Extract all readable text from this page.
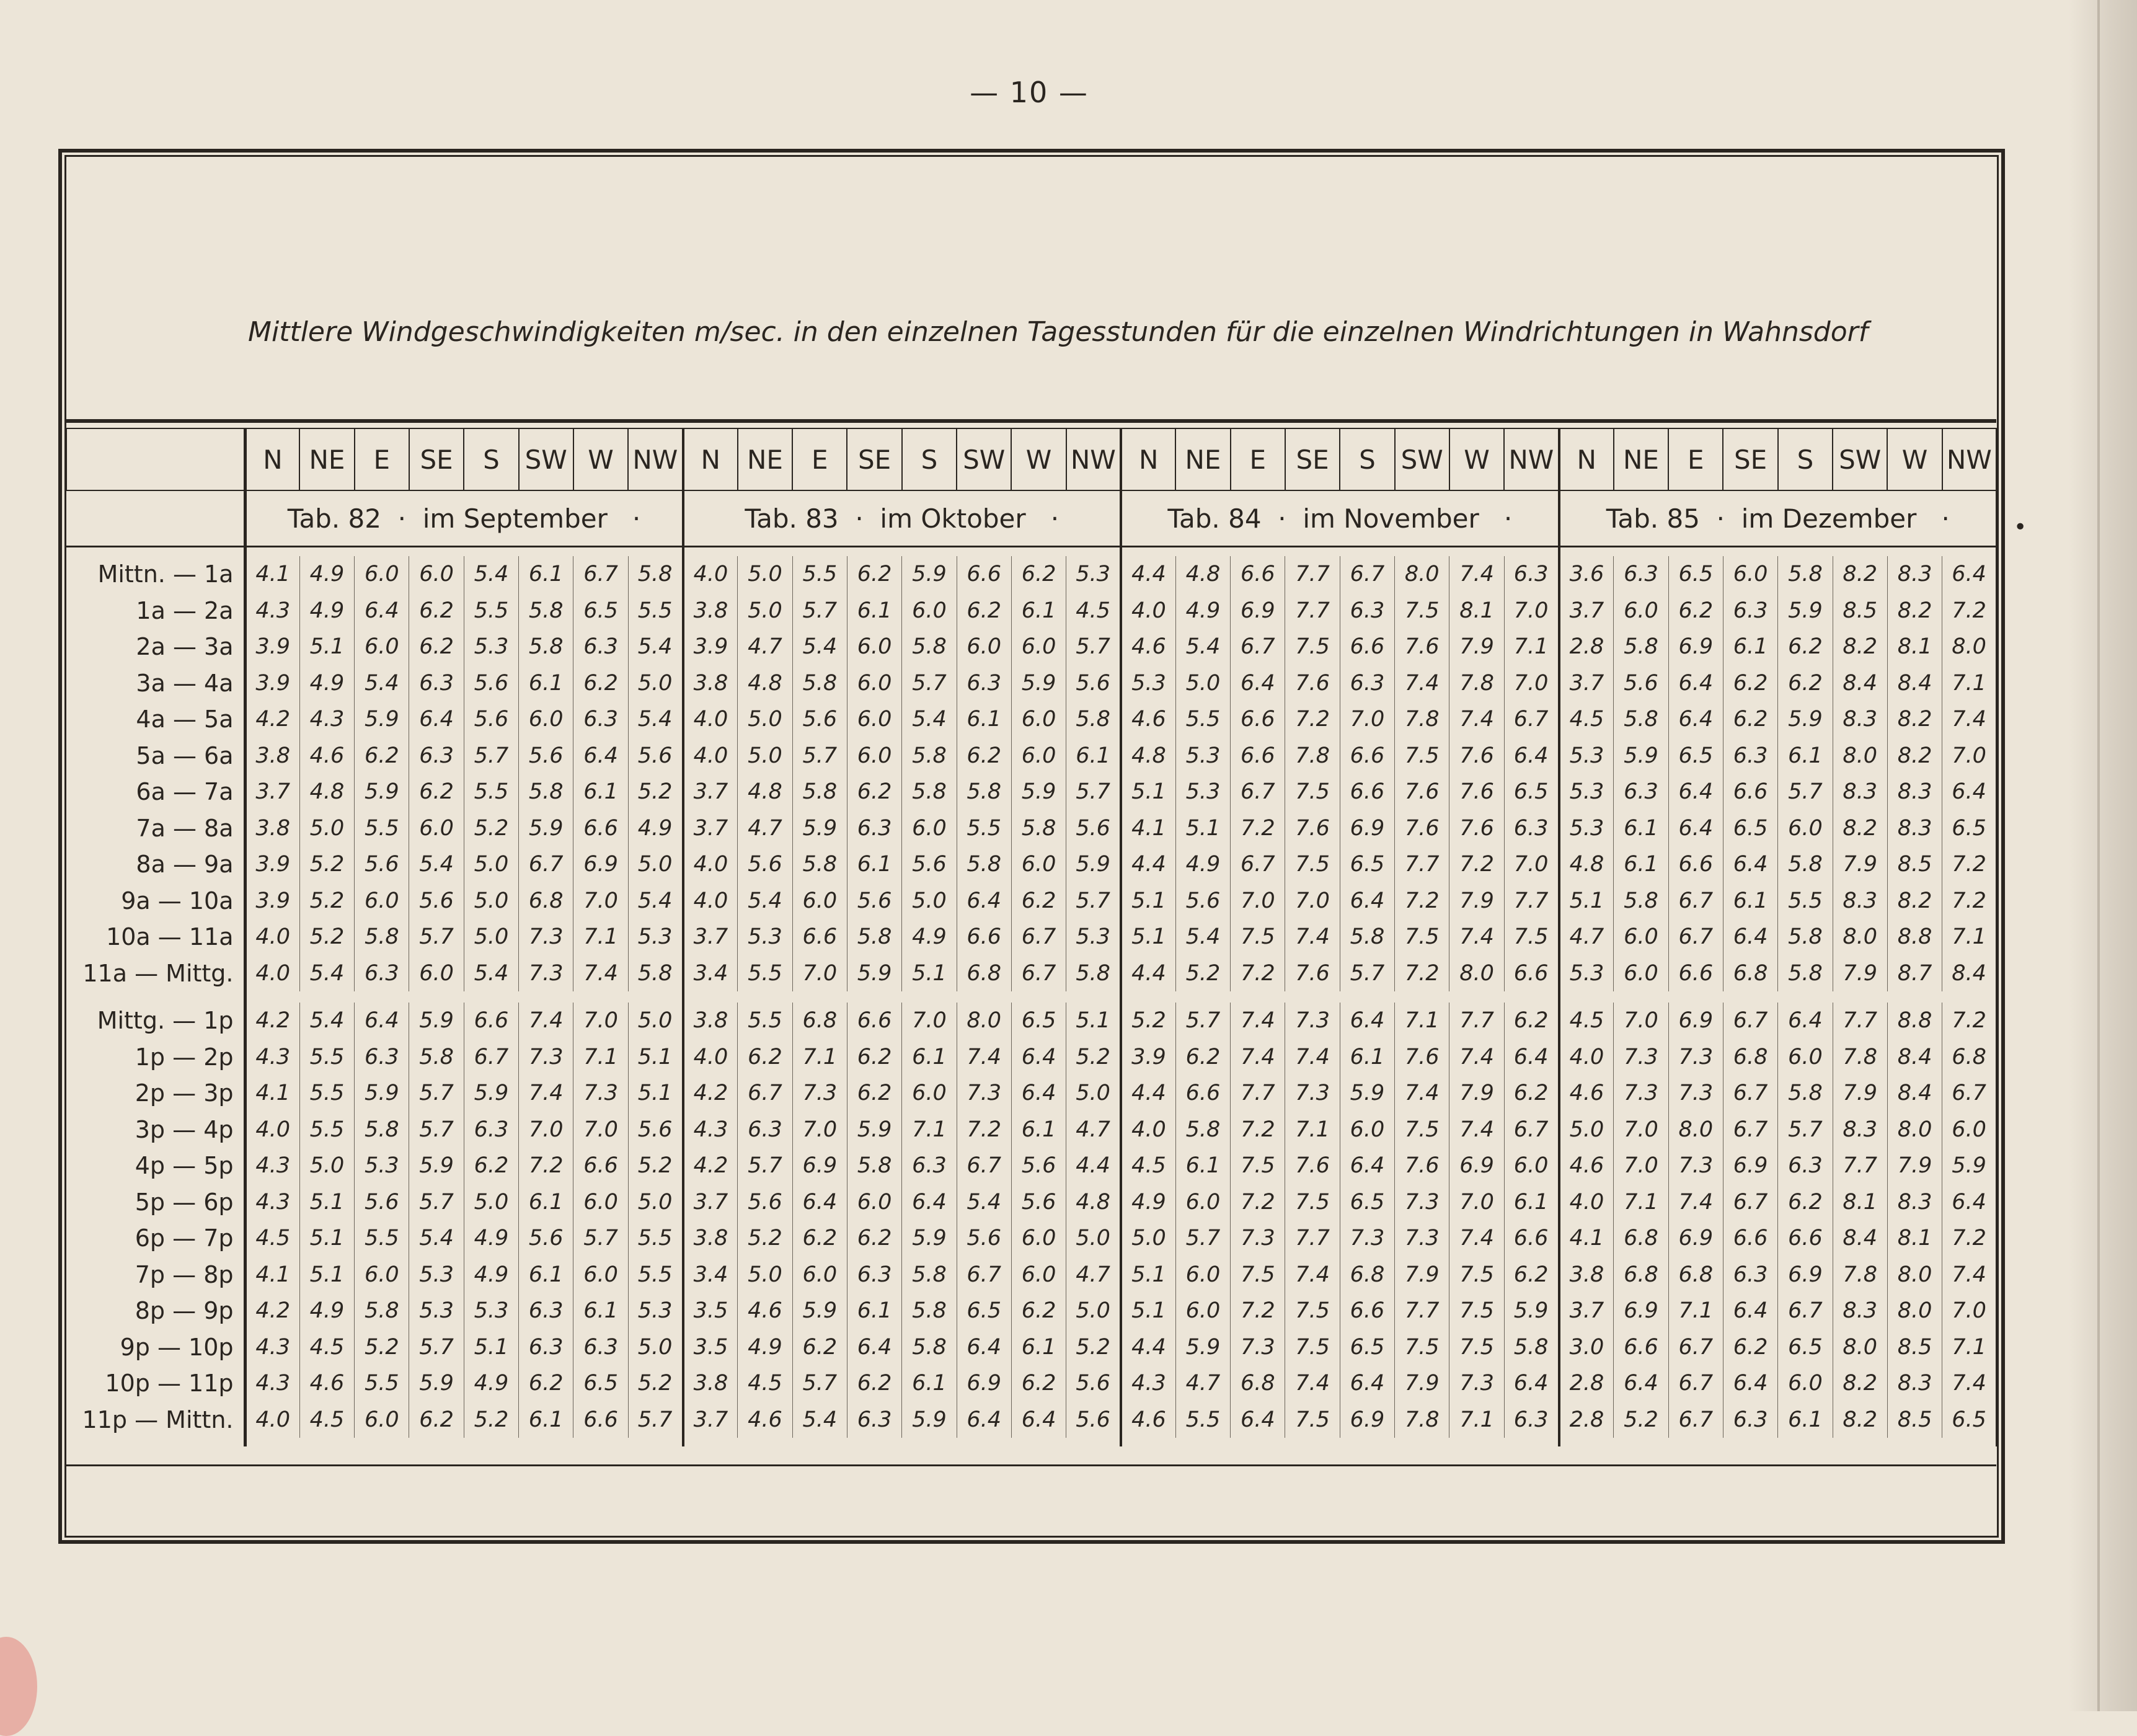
— 10 —
Mittlere Windgeschwindigkeiten m/sec. in den einzelnen Tagesstunden für die einzelnen Windrichtungen in Wahnsdorf
	N	NE	E	SE	S	SW	W	NW	N	NE	E	SE	S	SW	W	NW	N	NE	E	SE	S	SW	W	NW	N	NE	E	SE	S	SW	W	NW
	Tab. 82  ·  im September   ·								Tab. 83  ·  im Oktober   ·								Tab. 84  ·  im November   ·								Tab. 85  ·  im Dezember   ·							

Mittn. — 1a	4.1	4.9	6.0	6.0	5.4	6.1	6.7	5.8	4.0	5.0	5.5	6.2	5.9	6.6	6.2	5.3	4.4	4.8	6.6	7.7	6.7	8.0	7.4	6.3	3.6	6.3	6.5	6.0	5.8	8.2	8.3	6.4
1a — 2a	4.3	4.9	6.4	6.2	5.5	5.8	6.5	5.5	3.8	5.0	5.7	6.1	6.0	6.2	6.1	4.5	4.0	4.9	6.9	7.7	6.3	7.5	8.1	7.0	3.7	6.0	6.2	6.3	5.9	8.5	8.2	7.2
2a — 3a	3.9	5.1	6.0	6.2	5.3	5.8	6.3	5.4	3.9	4.7	5.4	6.0	5.8	6.0	6.0	5.7	4.6	5.4	6.7	7.5	6.6	7.6	7.9	7.1	2.8	5.8	6.9	6.1	6.2	8.2	8.1	8.0
3a — 4a	3.9	4.9	5.4	6.3	5.6	6.1	6.2	5.0	3.8	4.8	5.8	6.0	5.7	6.3	5.9	5.6	5.3	5.0	6.4	7.6	6.3	7.4	7.8	7.0	3.7	5.6	6.4	6.2	6.2	8.4	8.4	7.1
4a — 5a	4.2	4.3	5.9	6.4	5.6	6.0	6.3	5.4	4.0	5.0	5.6	6.0	5.4	6.1	6.0	5.8	4.6	5.5	6.6	7.2	7.0	7.8	7.4	6.7	4.5	5.8	6.4	6.2	5.9	8.3	8.2	7.4
5a — 6a	3.8	4.6	6.2	6.3	5.7	5.6	6.4	5.6	4.0	5.0	5.7	6.0	5.8	6.2	6.0	6.1	4.8	5.3	6.6	7.8	6.6	7.5	7.6	6.4	5.3	5.9	6.5	6.3	6.1	8.0	8.2	7.0
6a — 7a	3.7	4.8	5.9	6.2	5.5	5.8	6.1	5.2	3.7	4.8	5.8	6.2	5.8	5.8	5.9	5.7	5.1	5.3	6.7	7.5	6.6	7.6	7.6	6.5	5.3	6.3	6.4	6.6	5.7	8.3	8.3	6.4
7a — 8a	3.8	5.0	5.5	6.0	5.2	5.9	6.6	4.9	3.7	4.7	5.9	6.3	6.0	5.5	5.8	5.6	4.1	5.1	7.2	7.6	6.9	7.6	7.6	6.3	5.3	6.1	6.4	6.5	6.0	8.2	8.3	6.5
8a — 9a	3.9	5.2	5.6	5.4	5.0	6.7	6.9	5.0	4.0	5.6	5.8	6.1	5.6	5.8	6.0	5.9	4.4	4.9	6.7	7.5	6.5	7.7	7.2	7.0	4.8	6.1	6.6	6.4	5.8	7.9	8.5	7.2
9a — 10a	3.9	5.2	6.0	5.6	5.0	6.8	7.0	5.4	4.0	5.4	6.0	5.6	5.0	6.4	6.2	5.7	5.1	5.6	7.0	7.0	6.4	7.2	7.9	7.7	5.1	5.8	6.7	6.1	5.5	8.3	8.2	7.2
10a — 11a	4.0	5.2	5.8	5.7	5.0	7.3	7.1	5.3	3.7	5.3	6.6	5.8	4.9	6.6	6.7	5.3	5.1	5.4	7.5	7.4	5.8	7.5	7.4	7.5	4.7	6.0	6.7	6.4	5.8	8.0	8.8	7.1
11a — Mittg.	4.0	5.4	6.3	6.0	5.4	7.3	7.4	5.8	3.4	5.5	7.0	5.9	5.1	6.8	6.7	5.8	4.4	5.2	7.2	7.6	5.7	7.2	8.0	6.6	5.3	6.0	6.6	6.8	5.8	7.9	8.7	8.4

Mittg. — 1p	4.2	5.4	6.4	5.9	6.6	7.4	7.0	5.0	3.8	5.5	6.8	6.6	7.0	8.0	6.5	5.1	5.2	5.7	7.4	7.3	6.4	7.1	7.7	6.2	4.5	7.0	6.9	6.7	6.4	7.7	8.8	7.2
1p — 2p	4.3	5.5	6.3	5.8	6.7	7.3	7.1	5.1	4.0	6.2	7.1	6.2	6.1	7.4	6.4	5.2	3.9	6.2	7.4	7.4	6.1	7.6	7.4	6.4	4.0	7.3	7.3	6.8	6.0	7.8	8.4	6.8
2p — 3p	4.1	5.5	5.9	5.7	5.9	7.4	7.3	5.1	4.2	6.7	7.3	6.2	6.0	7.3	6.4	5.0	4.4	6.6	7.7	7.3	5.9	7.4	7.9	6.2	4.6	7.3	7.3	6.7	5.8	7.9	8.4	6.7
3p — 4p	4.0	5.5	5.8	5.7	6.3	7.0	7.0	5.6	4.3	6.3	7.0	5.9	7.1	7.2	6.1	4.7	4.0	5.8	7.2	7.1	6.0	7.5	7.4	6.7	5.0	7.0	8.0	6.7	5.7	8.3	8.0	6.0
4p — 5p	4.3	5.0	5.3	5.9	6.2	7.2	6.6	5.2	4.2	5.7	6.9	5.8	6.3	6.7	5.6	4.4	4.5	6.1	7.5	7.6	6.4	7.6	6.9	6.0	4.6	7.0	7.3	6.9	6.3	7.7	7.9	5.9
5p — 6p	4.3	5.1	5.6	5.7	5.0	6.1	6.0	5.0	3.7	5.6	6.4	6.0	6.4	5.4	5.6	4.8	4.9	6.0	7.2	7.5	6.5	7.3	7.0	6.1	4.0	7.1	7.4	6.7	6.2	8.1	8.3	6.4
6p — 7p	4.5	5.1	5.5	5.4	4.9	5.6	5.7	5.5	3.8	5.2	6.2	6.2	5.9	5.6	6.0	5.0	5.0	5.7	7.3	7.7	7.3	7.3	7.4	6.6	4.1	6.8	6.9	6.6	6.6	8.4	8.1	7.2
7p — 8p	4.1	5.1	6.0	5.3	4.9	6.1	6.0	5.5	3.4	5.0	6.0	6.3	5.8	6.7	6.0	4.7	5.1	6.0	7.5	7.4	6.8	7.9	7.5	6.2	3.8	6.8	6.8	6.3	6.9	7.8	8.0	7.4
8p — 9p	4.2	4.9	5.8	5.3	5.3	6.3	6.1	5.3	3.5	4.6	5.9	6.1	5.8	6.5	6.2	5.0	5.1	6.0	7.2	7.5	6.6	7.7	7.5	5.9	3.7	6.9	7.1	6.4	6.7	8.3	8.0	7.0
9p — 10p	4.3	4.5	5.2	5.7	5.1	6.3	6.3	5.0	3.5	4.9	6.2	6.4	5.8	6.4	6.1	5.2	4.4	5.9	7.3	7.5	6.5	7.5	7.5	5.8	3.0	6.6	6.7	6.2	6.5	8.0	8.5	7.1
10p — 11p	4.3	4.6	5.5	5.9	4.9	6.2	6.5	5.2	3.8	4.5	5.7	6.2	6.1	6.9	6.2	5.6	4.3	4.7	6.8	7.4	6.4	7.9	7.3	6.4	2.8	6.4	6.7	6.4	6.0	8.2	8.3	7.4
11p — Mittn.	4.0	4.5	6.0	6.2	5.2	6.1	6.6	5.7	3.7	4.6	5.4	6.3	5.9	6.4	6.4	5.6	4.6	5.5	6.4	7.5	6.9	7.8	7.1	6.3	2.8	5.2	6.7	6.3	6.1	8.2	8.5	6.5

•
